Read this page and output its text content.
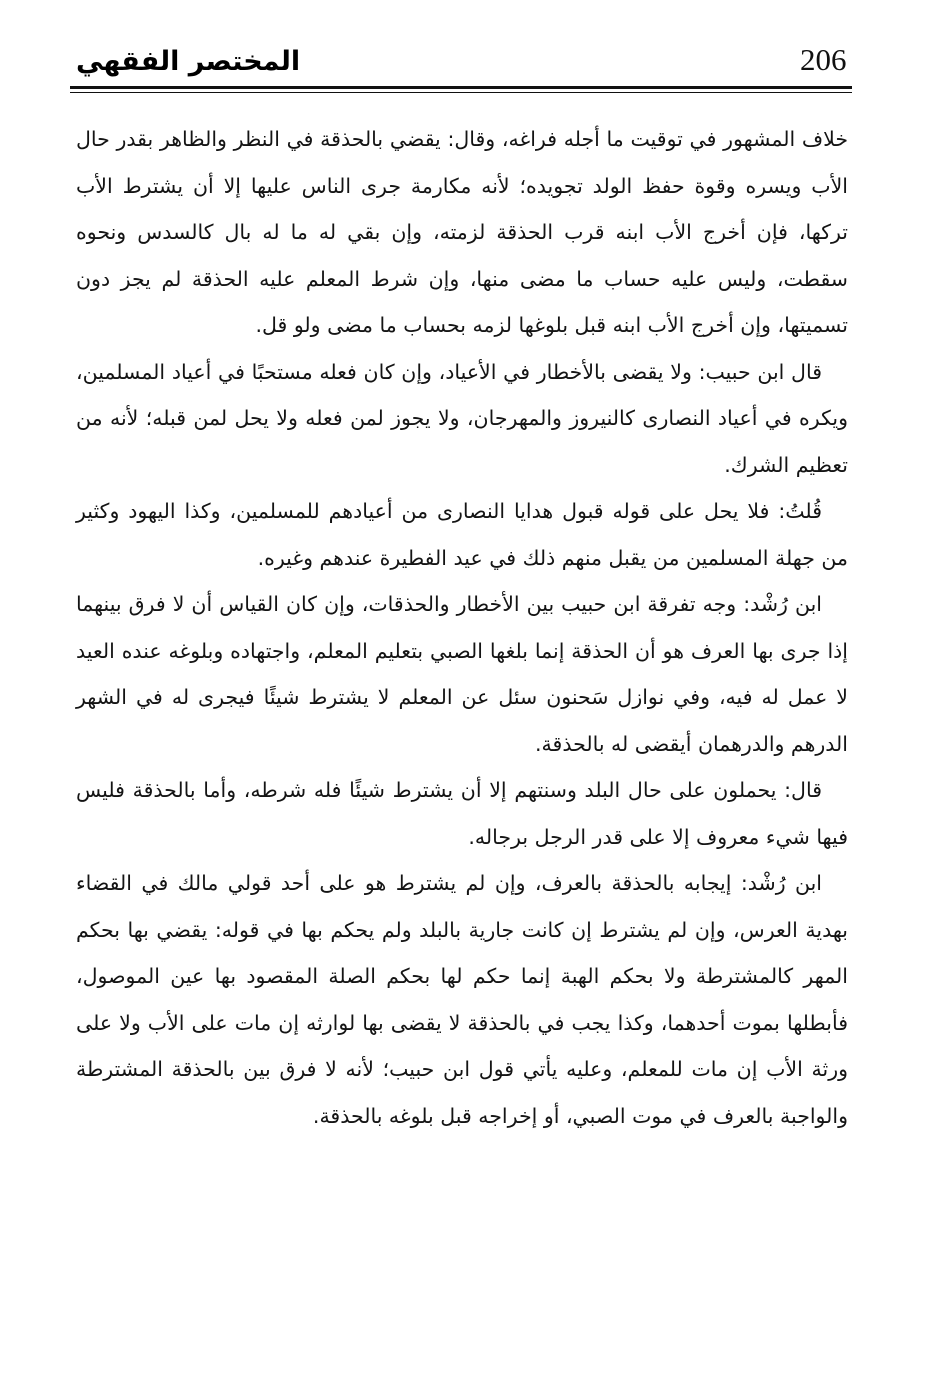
206
المختصر الفقهي

خلاف المشهور في توقيت ما أجله فراغه، وقال: يقضي بالحذقة في النظر والظاهر بقدر حال الأب ويسره وقوة حفظ الولد تجويده؛ لأنه مكارمة جرى الناس عليها إلا أن يشترط الأب تركها، فإن أخرج الأب ابنه قرب الحذقة لزمته، وإن بقي له ما له بال كالسدس ونحوه سقطت، وليس عليه حساب ما مضى منها، وإن شرط المعلم عليه الحذقة لم يجز دون تسميتها، وإن أخرج الأب ابنه قبل بلوغها لزمه بحساب ما مضى ولو قل.

قال ابن حبيب: ولا يقضى بالأخطار في الأعياد، وإن كان فعله مستحبًا في أعياد المسلمين، ويكره في أعياد النصارى كالنيروز والمهرجان، ولا يجوز لمن فعله ولا يحل لمن قبله؛ لأنه من تعظيم الشرك.

قُلتُ: فلا يحل على قوله قبول هدايا النصارى من أعيادهم للمسلمين، وكذا اليهود وكثير من جهلة المسلمين من يقبل منهم ذلك في عيد الفطيرة عندهم وغيره.

ابن رُشْد: وجه تفرقة ابن حبيب بين الأخطار والحذقات، وإن كان القياس أن لا فرق بينهما إذا جرى بها العرف هو أن الحذقة إنما بلغها الصبي بتعليم المعلم، واجتهاده وبلوغه عنده العيد لا عمل له فيه، وفي نوازل سَحنون سئل عن المعلم لا يشترط شيئًا فيجرى له في الشهر الدرهم والدرهمان أيقضى له بالحذقة.

قال: يحملون على حال البلد وسنتهم إلا أن يشترط شيئًا فله شرطه، وأما بالحذقة فليس فيها شيء معروف إلا على قدر الرجل برجاله.

ابن رُشْد: إيجابه بالحذقة بالعرف، وإن لم يشترط هو على أحد قولي مالك في القضاء بهدية العرس، وإن لم يشترط إن كانت جارية بالبلد ولم يحكم بها في قوله: يقضي بها بحكم المهر كالمشترطة ولا بحكم الهبة إنما حكم لها بحكم الصلة المقصود بها عين الموصول، فأبطلها بموت أحدهما، وكذا يجب في بالحذقة لا يقضى بها لوارثه إن مات على الأب ولا على ورثة الأب إن مات للمعلم، وعليه يأتي قول ابن حبيب؛ لأنه لا فرق بين بالحذقة المشترطة والواجبة بالعرف في موت الصبي، أو إخراجه قبل بلوغه بالحذقة.
